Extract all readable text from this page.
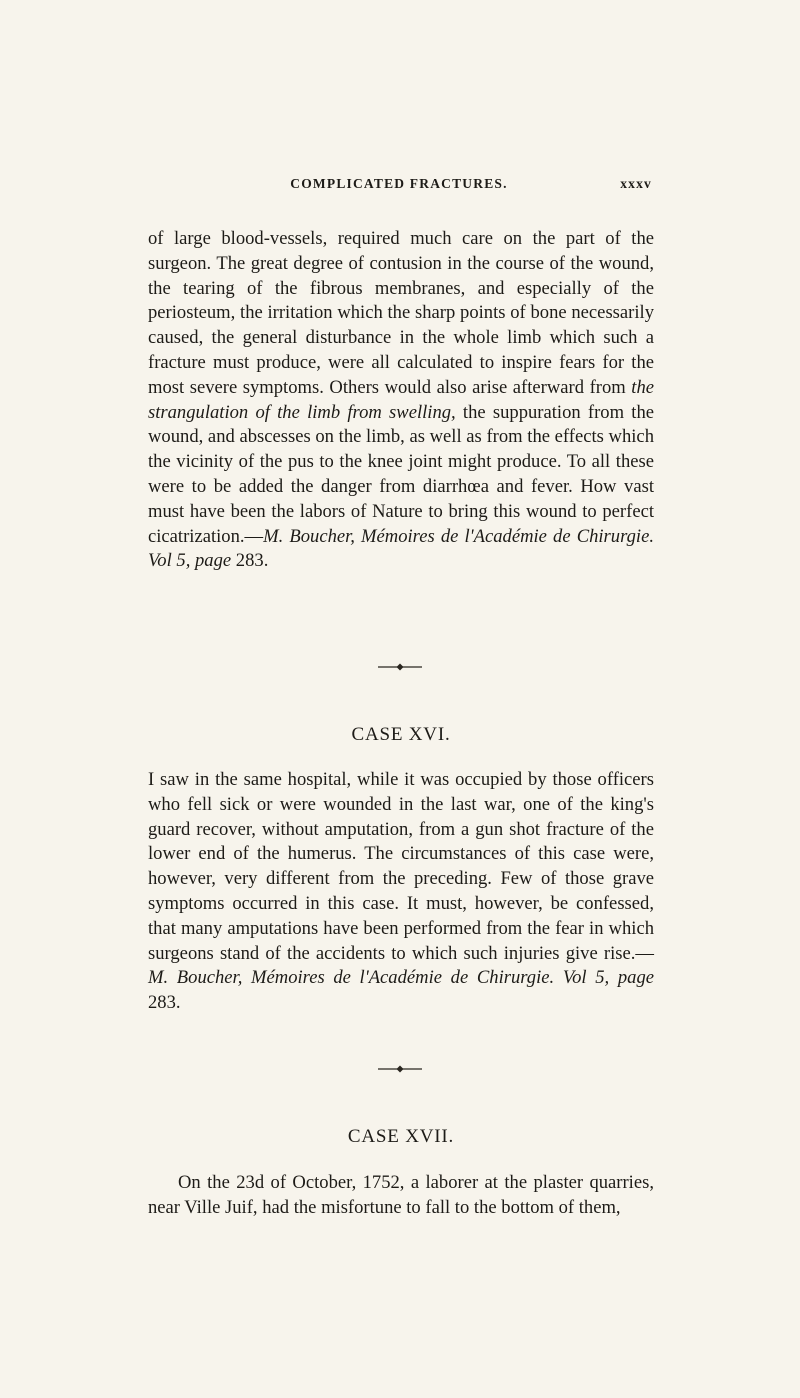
COMPLICATED FRACTURES.	xxxv

of large blood-vessels, required much care on the part of the surgeon. The great degree of contusion in the course of the wound, the tearing of the fibrous membranes, and especially of the periosteum, the irritation which the sharp points of bone necessarily caused, the general disturbance in the whole limb which such a fracture must produce, were all calculated to inspire fears for the most severe symptoms. Others would also arise afterward from the strangulation of the limb from swelling, the suppuration from the wound, and abscesses on the limb, as well as from the effects which the vicinity of the pus to the knee joint might produce. To all these were to be added the danger from diarrhœa and fever. How vast must have been the labors of Nature to bring this wound to perfect cicatrization.—M. Boucher, Mémoires de l'Académie de Chirurgie. Vol 5, page 283.

CASE XVI.

I saw in the same hospital, while it was occupied by those officers who fell sick or were wounded in the last war, one of the king's guard recover, without amputation, from a gun shot fracture of the lower end of the humerus. The circumstances of this case were, however, very different from the preceding. Few of those grave symptoms occurred in this case. It must, however, be confessed, that many amputations have been performed from the fear in which surgeons stand of the accidents to which such injuries give rise.—M. Boucher, Mémoires de l'Académie de Chirurgie. Vol 5, page 283.

CASE XVII.

On the 23d of October, 1752, a laborer at the plaster quarries, near Ville Juif, had the misfortune to fall to the bottom of them,
